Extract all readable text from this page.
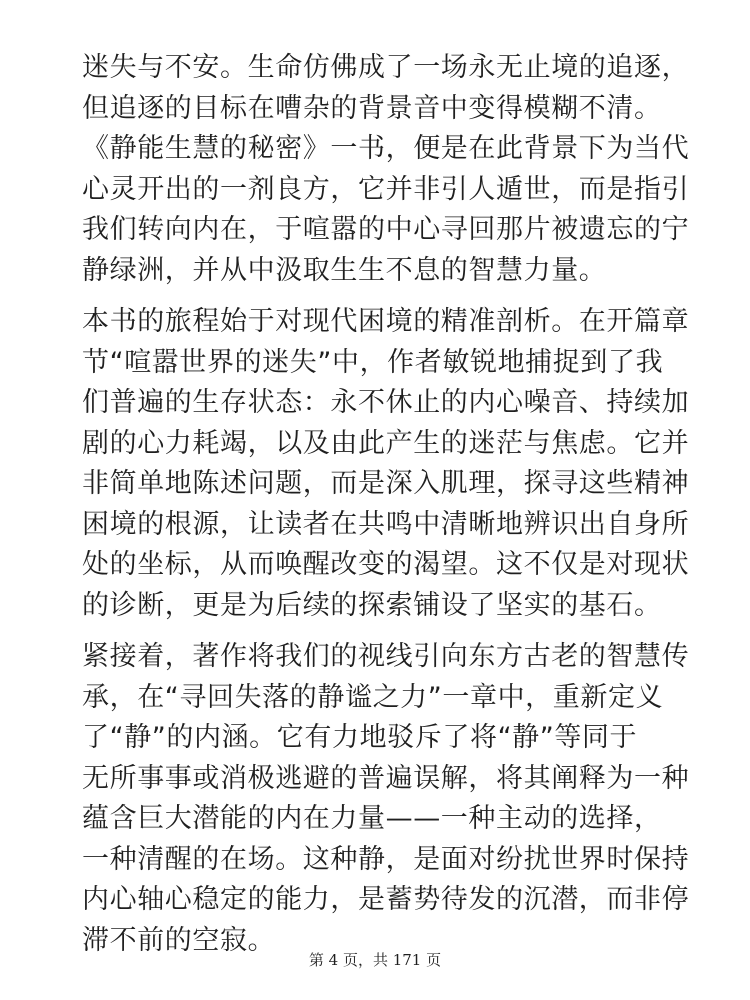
迷失与不安。生命仿佛成了一场永无止境的追逐，
但追逐的目标在嘈杂的背景音中变得模糊不清。
《静能生慧的秘密》一书，便是在此背景下为当代
心灵开出的一剂良方，它并非引人遁世，而是指引
我们转向内在，于喧嚣的中心寻回那片被遗忘的宁
静绿洲，并从中汲取生生不息的智慧力量。

本书的旅程始于对现代困境的精准剖析。在开篇章
节“喧嚣世界的迷失”中，作者敏锐地捕捉到了我
们普遍的生存状态：永不休止的内心噪音、持续加
剧的心力耗竭，以及由此产生的迷茫与焦虑。它并
非简单地陈述问题，而是深入肌理，探寻这些精神
困境的根源，让读者在共鸣中清晰地辨识出自身所
处的坐标，从而唤醒改变的渴望。这不仅是对现状
的诊断，更是为后续的探索铺设了坚实的基石。

紧接着，著作将我们的视线引向东方古老的智慧传
承，在“寻回失落的静谧之力”一章中，重新定义
了“静”的内涵。它有力地驳斥了将“静”等同于
无所事事或消极逃避的普遍误解，将其阐释为一种
蕴含巨大潜能的内在力量——一种主动的选择，
一种清醒的在场。这种静，是面对纷扰世界时保持
内心轴心稳定的能力，是蓄势待发的沉潜，而非停
滞不前的空寂。

第 4 页，共 171 页
